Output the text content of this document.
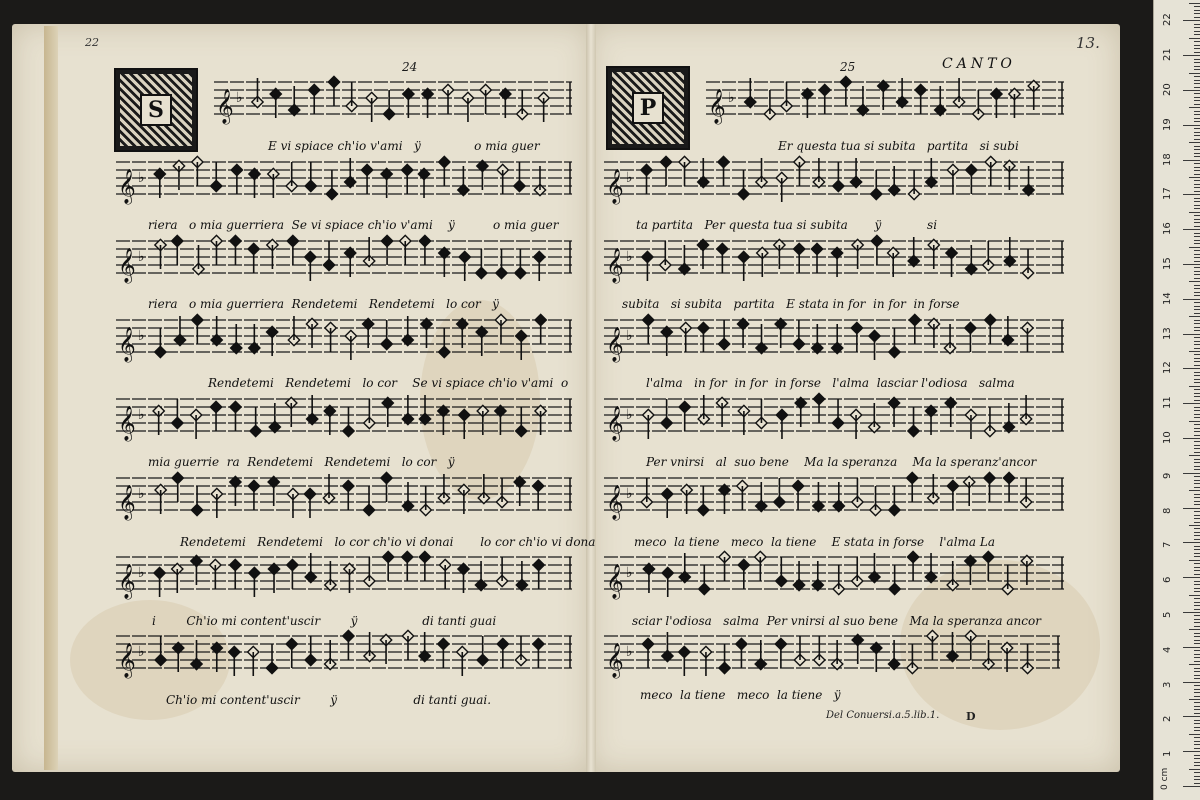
24
22
S
25	CANTO
13.
P
𝄞 ♭
𝄞 ♭
𝄞 ♭
𝄞 ♭
𝄞 ♭
𝄞 ♭
𝄞 ♭
𝄞 ♭
𝄞 ♭
𝄞 ♭
𝄞 ♭
𝄞 ♭
𝄞 ♭
𝄞 ♭
𝄞 ♭
𝄞 ♭
E vi spiace ch'io v'ami   ÿ              o mia guer
riera   o mia guerriera  Se vi spiace ch'io v'ami    ÿ          o mia guer
riera   o mia guerriera  Rendetemi   Rendetemi   lo cor   ÿ
Rendetemi   Rendetemi   lo cor    Se vi spiace ch'io v'ami  o
mia guerrie  ra  Rendetemi   Rendetemi   lo cor   ÿ
Rendetemi   Rendetemi   lo cor ch'io vi donai       lo cor ch'io vi dona
i        Ch'io mi content'uscir        ÿ                 di tanti guai
Ch'io mi content'uscir        ÿ                    di tanti guai.
Er questa tua si subita   partita   si subi
ta partita   Per questa tua si subita       ÿ            si
subita   si subita   partita   E stata in for  in for  in forse
l'alma   in for  in for  in forse   l'alma  lasciar l'odiosa   salma
Per vnirsi   al  suo bene    Ma la speranza    Ma la speranz'ancor
meco  la tiene   meco  la tiene    E stata in forse    l'alma La
sciar l'odiosa   salma  Per vnirsi al suo bene   Ma la speranza ancor
meco  la tiene   meco  la tiene   ÿ
Del Conuersi.a.5.lib.1. D
0 cm
1
2
3
4
5
6
7
8
9
10
11
12
13
14
15
16
17
18
19
20
21
22
